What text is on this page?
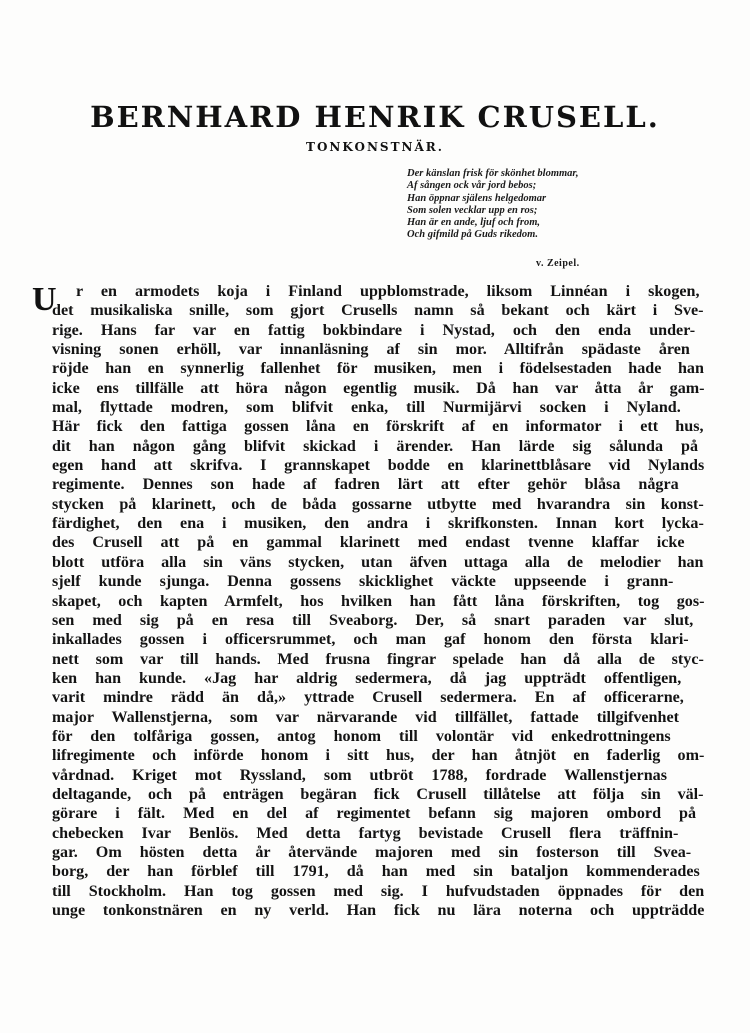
BERNHARD HENRIK CRUSELL.
TONKONSTNÄR.
Der känslan frisk för skönhet blommar,
Af sången ock vår jord bebos;
Han öppnar själens helgedomar
Som solen vecklar upp en ros;
Han är en ande, ljuf och from,
Och gifmild på Guds rikedom.
v. Zeipel.
U	r en armodets koja i Finland uppblomstrade, liksom Linnéan i skogen,
det musikaliska snille, som gjort Crusells namn så bekant och kärt i Sve-
rige. Hans far var en fattig bokbindare i Nystad, och den enda under-
visning sonen erhöll, var innanläsning af sin mor. Alltifrån spädaste åren
röjde han en synnerlig fallenhet för musiken, men i födelsestaden hade han
icke ens tillfälle att höra någon egentlig musik. Då han var åtta år gam-
mal, flyttade modren, som blifvit enka, till Nurmijärvi socken i Nyland.
Här fick den fattiga gossen låna en förskrift af en informator i ett hus,
dit han någon gång blifvit skickad i ärender. Han lärde sig sålunda på
egen hand att skrifva. I grannskapet bodde en klarinettblåsare vid Nylands
regimente. Dennes son hade af fadren lärt att efter gehör blåsa några
stycken på klarinett, och de båda gossarne utbytte med hvarandra sin konst-
färdighet, den ena i musiken, den andra i skrifkonsten. Innan kort lycka-
des Crusell att på en gammal klarinett med endast tvenne klaffar icke
blott utföra alla sin väns stycken, utan äfven uttaga alla de melodier han
sjelf kunde sjunga. Denna gossens skicklighet väckte uppseende i grann-
skapet, och kapten Armfelt, hos hvilken han fått låna förskriften, tog gos-
sen med sig på en resa till Sveaborg. Der, så snart paraden var slut,
inkallades gossen i officersrummet, och man gaf honom den första klari-
nett som var till hands. Med frusna fingrar spelade han då alla de styc-
ken han kunde. «Jag har aldrig sedermera, då jag uppträdt offentligen,
varit mindre rädd än då,» yttrade Crusell sedermera. En af officerarne,
major Wallenstjerna, som var närvarande vid tillfället, fattade tillgifvenhet
för den tolfåriga gossen, antog honom till volontär vid enkedrottningens
lifregimente och införde honom i sitt hus, der han åtnjöt en faderlig om-
vårdnad. Kriget mot Ryssland, som utbröt 1788, fordrade Wallenstjernas
deltagande, och på enträgen begäran fick Crusell tillåtelse att följa sin väl-
görare i fält. Med en del af regimentet befann sig majoren ombord på
chebecken Ivar Benlös. Med detta fartyg bevistade Crusell flera träffnin-
gar. Om hösten detta år återvände majoren med sin fosterson till Svea-
borg, der han förblef till 1791, då han med sin bataljon kommenderades
till Stockholm. Han tog gossen med sig. I hufvudstaden öppnades för den
unge tonkonstnären en ny verld. Han fick nu lära noterna och uppträdde
